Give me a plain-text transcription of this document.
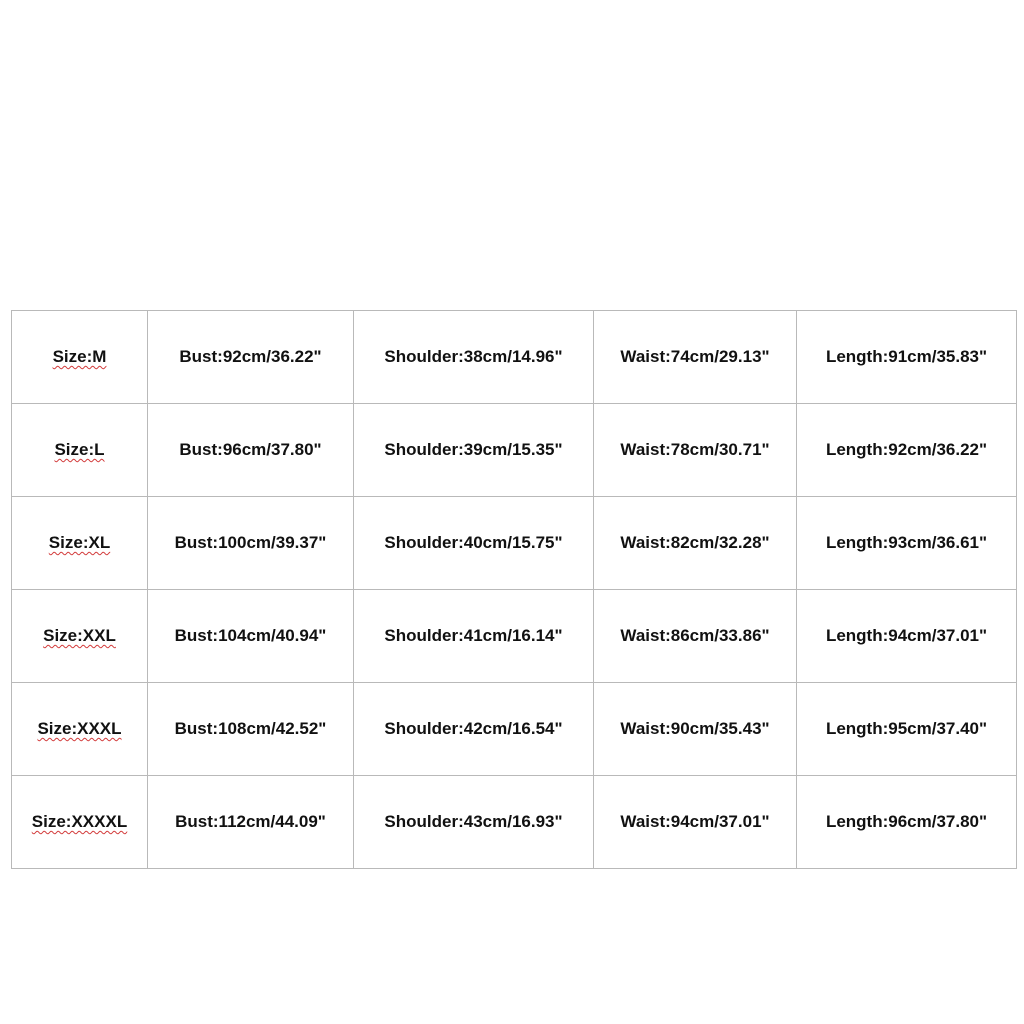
Size:M	Bust:92cm/36.22"	Shoulder:38cm/14.96"	Waist:74cm/29.13"	Length:91cm/35.83"
Size:L	Bust:96cm/37.80"	Shoulder:39cm/15.35"	Waist:78cm/30.71"	Length:92cm/36.22"
Size:XL	Bust:100cm/39.37"	Shoulder:40cm/15.75"	Waist:82cm/32.28"	Length:93cm/36.61"
Size:XXL	Bust:104cm/40.94"	Shoulder:41cm/16.14"	Waist:86cm/33.86"	Length:94cm/37.01"
Size:XXXL	Bust:108cm/42.52"	Shoulder:42cm/16.54"	Waist:90cm/35.43"	Length:95cm/37.40"
Size:XXXXL	Bust:112cm/44.09"	Shoulder:43cm/16.93"	Waist:94cm/37.01"	Length:96cm/37.80"
